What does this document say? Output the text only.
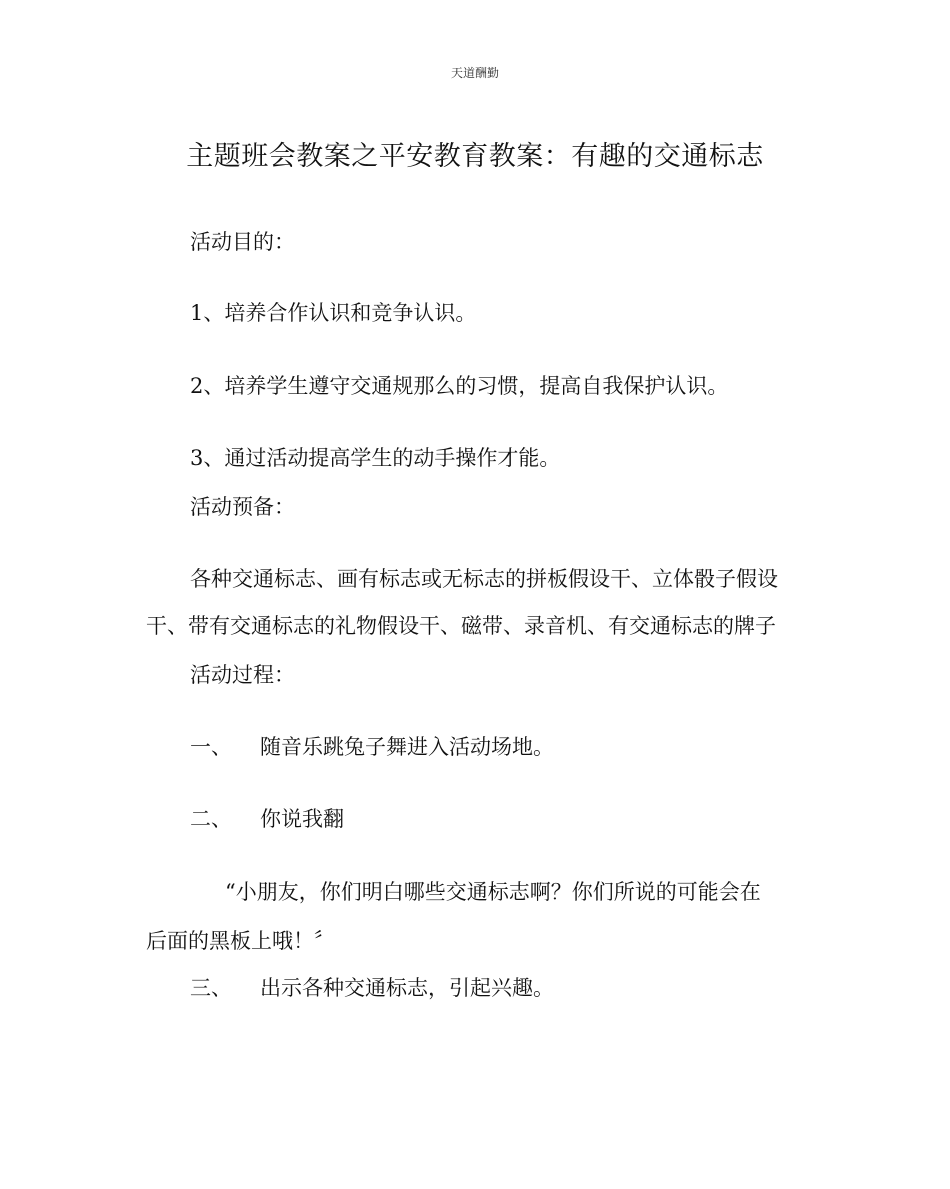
天道酬勤
主题班会教案之平安教育教案：有趣的交通标志
活动目的：
1、培养合作认识和竞争认识。
2、培养学生遵守交通规那么的习惯，提高自我保护认识。
3、通过活动提高学生的动手操作才能。
活动预备：
各种交通标志、画有标志或无标志的拼板假设干、立体骰子假设
干、带有交通标志的礼物假设干、磁带、录音机、有交通标志的牌子
活动过程：
一、 随音乐跳兔子舞进入活动场地。
二、 你说我翻
“小朋友，你们明白哪些交通标志啊？你们所说的可能会在
后面的黑板上哦！〞
三、 出示各种交通标志，引起兴趣。
